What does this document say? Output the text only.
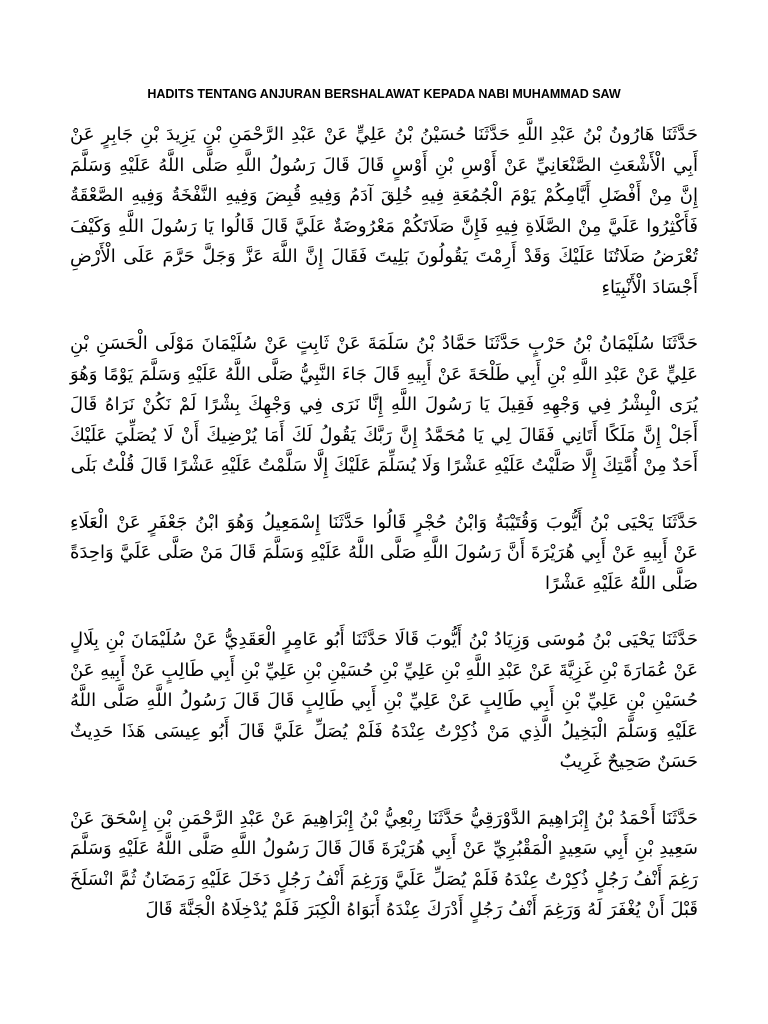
HADITS TENTANG ANJURAN BERSHALAWAT KEPADA NABI MUHAMMAD SAW

حَدَّثَنَا هَارُونُ بْنُ عَبْدِ اللَّهِ حَدَّثَنَا حُسَيْنُ بْنُ عَلِيٍّ عَنْ عَبْدِ الرَّحْمَنِ بْنِ يَزِيدَ بْنِ جَابِرٍ عَنْ أَبِي الْأَشْعَثِ الصَّنْعَانِيِّ عَنْ أَوْسِ بْنِ أَوْسٍ قَالَ قَالَ رَسُولُ اللَّهِ صَلَّى اللَّهُ عَلَيْهِ وَسَلَّمَ إِنَّ مِنْ أَفْضَلِ أَيَّامِكُمْ يَوْمَ الْجُمُعَةِ فِيهِ خُلِقَ آدَمُ وَفِيهِ قُبِضَ وَفِيهِ النَّفْخَةُ وَفِيهِ الصَّعْقَةُ فَأَكْثِرُوا عَلَيَّ مِنْ الصَّلَاةِ فِيهِ فَإِنَّ صَلَاتَكُمْ مَعْرُوضَةٌ عَلَيَّ قَالَ قَالُوا يَا رَسُولَ اللَّهِ وَكَيْفَ تُعْرَضُ صَلَاتُنَا عَلَيْكَ وَقَدْ أَرِمْتَ يَقُولُونَ بَلِيتَ فَقَالَ إِنَّ اللَّهَ عَزَّ وَجَلَّ حَرَّمَ عَلَى الْأَرْضِ أَجْسَادَ الْأَنْبِيَاءِ

حَدَّثَنَا سُلَيْمَانُ بْنُ حَرْبٍ حَدَّثَنَا حَمَّادُ بْنُ سَلَمَةَ عَنْ ثَابِتٍ عَنْ سُلَيْمَانَ مَوْلَى الْحَسَنِ بْنِ عَلِيٍّ عَنْ عَبْدِ اللَّهِ بْنِ أَبِي طَلْحَةَ عَنْ أَبِيهِ قَالَ جَاءَ النَّبِيُّ صَلَّى اللَّهُ عَلَيْهِ وَسَلَّمَ يَوْمًا وَهُوَ يُرَى الْبِشْرُ فِي وَجْهِهِ فَقِيلَ يَا رَسُولَ اللَّهِ إِنَّا نَرَى فِي وَجْهِكَ بِشْرًا لَمْ نَكُنْ نَرَاهُ قَالَ أَجَلْ إِنَّ مَلَكًا أَتَانِي فَقَالَ لِي يَا مُحَمَّدُ إِنَّ رَبَّكَ يَقُولُ لَكَ أَمَا يُرْضِيكَ أَنْ لَا يُصَلِّيَ عَلَيْكَ أَحَدٌ مِنْ أُمَّتِكَ إِلَّا صَلَّيْتُ عَلَيْهِ عَشْرًا وَلَا يُسَلِّمَ عَلَيْكَ إِلَّا سَلَّمْتُ عَلَيْهِ عَشْرًا قَالَ قُلْتُ بَلَى

حَدَّثَنَا يَحْيَى بْنُ أَيُّوبَ وَقُتَيْبَةُ وَابْنُ حُجْرٍ قَالُوا حَدَّثَنَا إِسْمَعِيلُ وَهُوَ ابْنُ جَعْفَرٍ عَنْ الْعَلَاءِ عَنْ أَبِيهِ عَنْ أَبِي هُرَيْرَةَ أَنَّ رَسُولَ اللَّهِ صَلَّى اللَّهُ عَلَيْهِ وَسَلَّمَ قَالَ مَنْ صَلَّى عَلَيَّ وَاحِدَةً صَلَّى اللَّهُ عَلَيْهِ عَشْرًا

حَدَّثَنَا يَحْيَى بْنُ مُوسَى وَزِيَادُ بْنُ أَيُّوبَ قَالَا حَدَّثَنَا أَبُو عَامِرٍ الْعَقَدِيُّ عَنْ سُلَيْمَانَ بْنِ بِلَالٍ عَنْ عُمَارَةَ بْنِ غَزِيَّةَ عَنْ عَبْدِ اللَّهِ بْنِ عَلِيِّ بْنِ حُسَيْنِ بْنِ عَلِيِّ بْنِ أَبِي طَالِبٍ عَنْ أَبِيهِ عَنْ حُسَيْنِ بْنِ عَلِيِّ بْنِ أَبِي طَالِبٍ عَنْ عَلِيِّ بْنِ أَبِي طَالِبٍ قَالَ قَالَ رَسُولُ اللَّهِ صَلَّى اللَّهُ عَلَيْهِ وَسَلَّمَ الْبَخِيلُ الَّذِي مَنْ ذُكِرْتُ عِنْدَهُ فَلَمْ يُصَلِّ عَلَيَّ قَالَ أَبُو عِيسَى هَذَا حَدِيثٌ حَسَنٌ صَحِيحٌ غَرِيبٌ

حَدَّثَنَا أَحْمَدُ بْنُ إِبْرَاهِيمَ الدَّوْرَقِيُّ حَدَّثَنَا رِبْعِيُّ بْنُ إِبْرَاهِيمَ عَنْ عَبْدِ الرَّحْمَنِ بْنِ إِسْحَقَ عَنْ سَعِيدِ بْنِ أَبِي سَعِيدٍ الْمَقْبُرِيِّ عَنْ أَبِي هُرَيْرَةَ قَالَ قَالَ رَسُولُ اللَّهِ صَلَّى اللَّهُ عَلَيْهِ وَسَلَّمَ رَغِمَ أَنْفُ رَجُلٍ ذُكِرْتُ عِنْدَهُ فَلَمْ يُصَلِّ عَلَيَّ وَرَغِمَ أَنْفُ رَجُلٍ دَخَلَ عَلَيْهِ رَمَضَانُ ثُمَّ انْسَلَخَ قَبْلَ أَنْ يُغْفَرَ لَهُ وَرَغِمَ أَنْفُ رَجُلٍ أَدْرَكَ عِنْدَهُ أَبَوَاهُ الْكِبَرَ فَلَمْ يُدْخِلَاهُ الْجَنَّةَ قَالَ
